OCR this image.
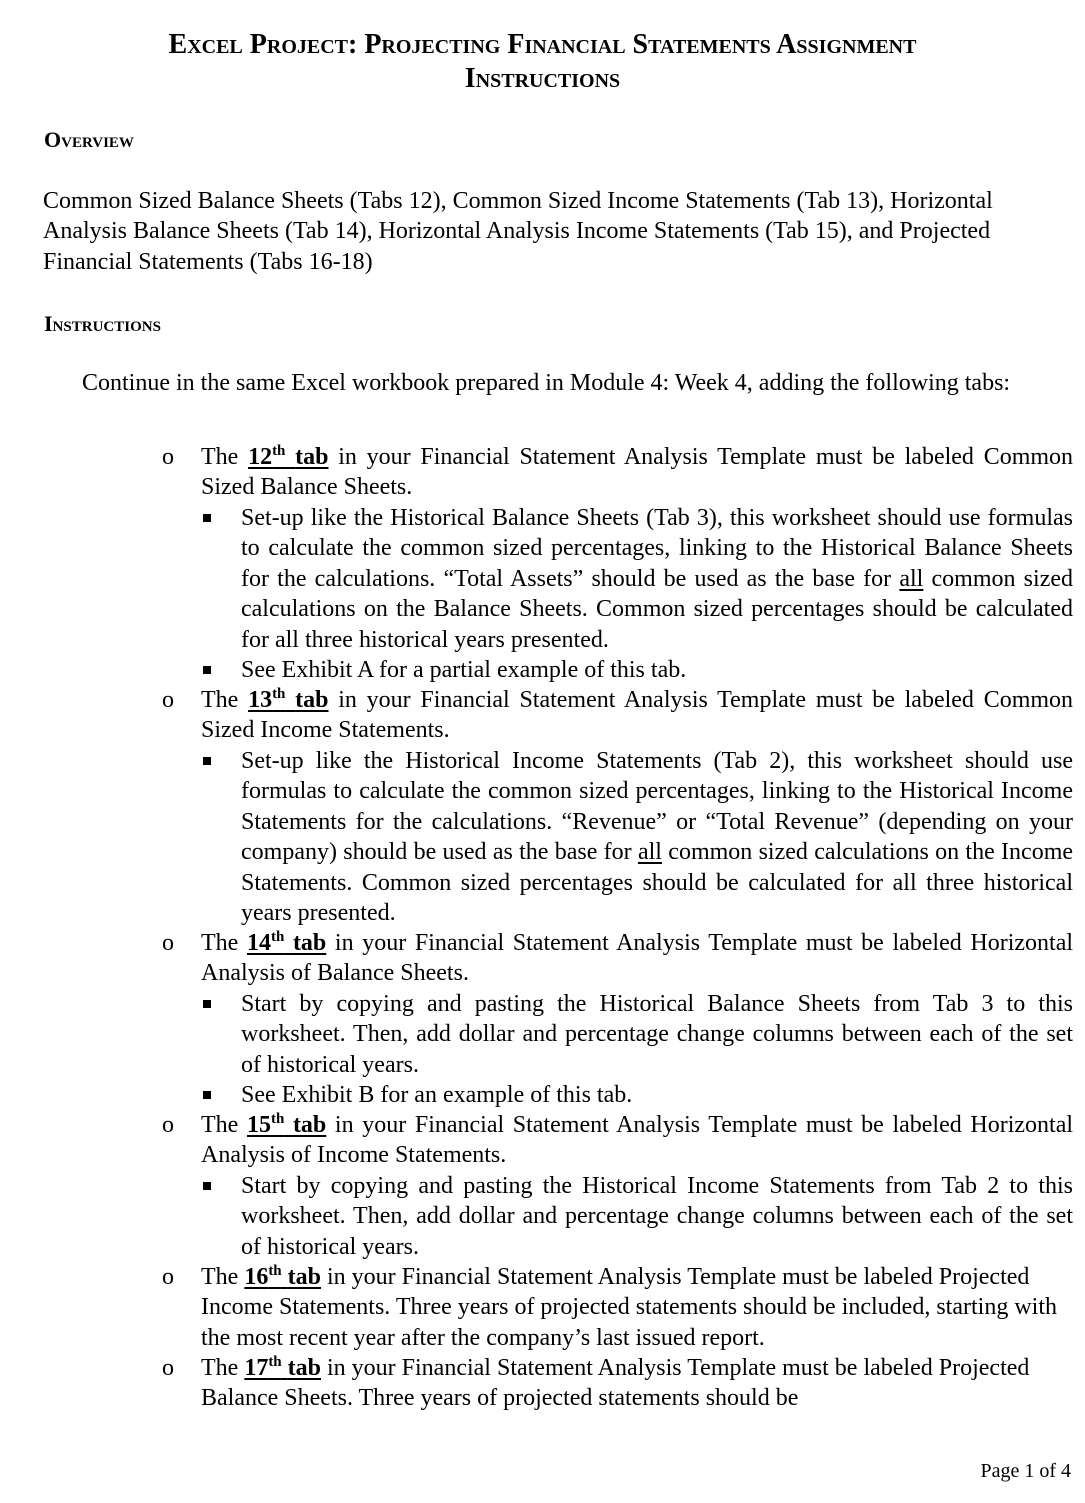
Excel Project: Projecting Financial Statements Assignment
Instructions
Overview
Common Sized Balance Sheets (Tabs 12), Common Sized Income Statements (Tab 13), Horizontal Analysis Balance Sheets (Tab 14), Horizontal Analysis Income Statements (Tab 15), and Projected Financial Statements (Tabs 16-18)
Instructions
Continue in the same Excel workbook prepared in Module 4: Week 4, adding the following tabs:
o The 12th tab in your Financial Statement Analysis Template must be labeled Common Sized Balance Sheets.
Set-up like the Historical Balance Sheets (Tab 3), this worksheet should use formulas to calculate the common sized percentages, linking to the Historical Balance Sheets for the calculations. “Total Assets” should be used as the base for all common sized calculations on the Balance Sheets. Common sized percentages should be calculated for all three historical years presented.
See Exhibit A for a partial example of this tab.
o The 13th tab in your Financial Statement Analysis Template must be labeled Common Sized Income Statements.
Set-up like the Historical Income Statements (Tab 2), this worksheet should use formulas to calculate the common sized percentages, linking to the Historical Income Statements for the calculations. “Revenue” or “Total Revenue” (depending on your company) should be used as the base for all common sized calculations on the Income Statements. Common sized percentages should be calculated for all three historical years presented.
o The 14th tab in your Financial Statement Analysis Template must be labeled Horizontal Analysis of Balance Sheets.
Start by copying and pasting the Historical Balance Sheets from Tab 3 to this worksheet. Then, add dollar and percentage change columns between each of the set of historical years.
See Exhibit B for an example of this tab.
o The 15th tab in your Financial Statement Analysis Template must be labeled Horizontal Analysis of Income Statements.
Start by copying and pasting the Historical Income Statements from Tab 2 to this worksheet. Then, add dollar and percentage change columns between each of the set of historical years.
o The 16th tab in your Financial Statement Analysis Template must be labeled Projected Income Statements. Three years of projected statements should be included, starting with the most recent year after the company’s last issued report.
o The 17th tab in your Financial Statement Analysis Template must be labeled Projected Balance Sheets. Three years of projected statements should be
Page 1 of 4
